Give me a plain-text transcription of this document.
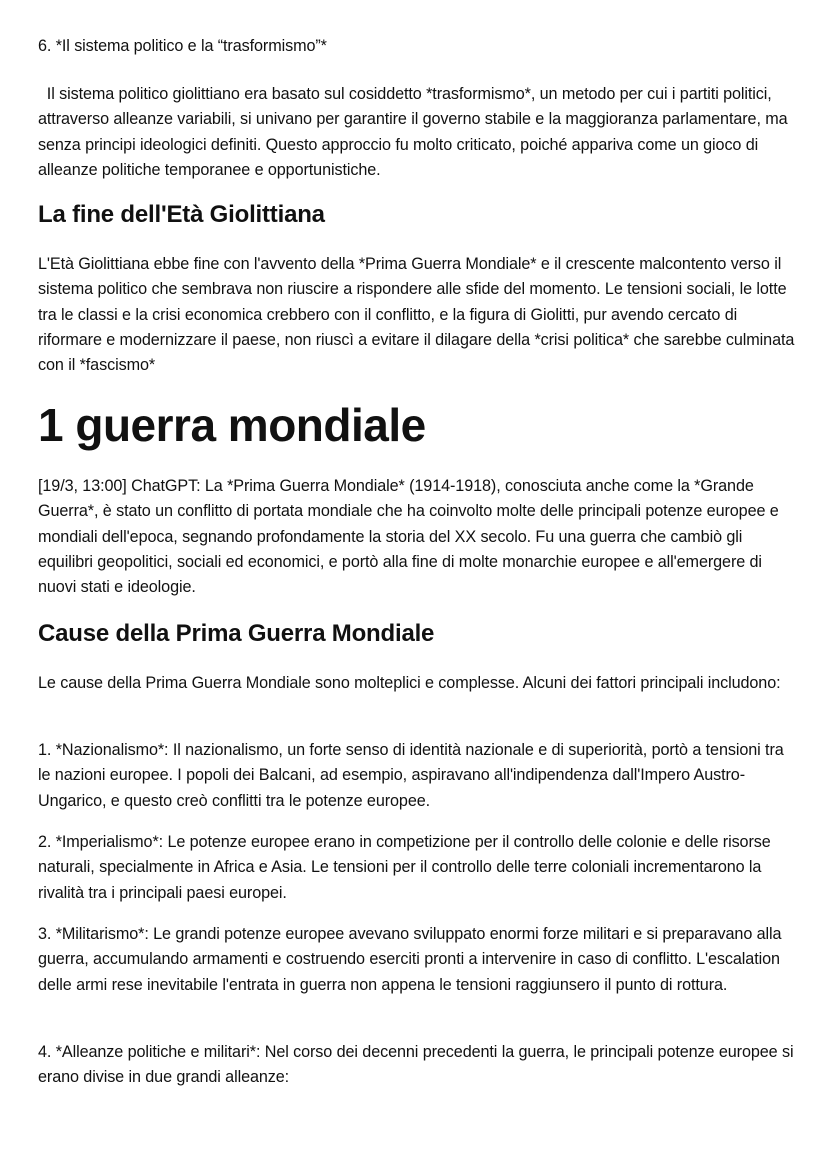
6. *Il sistema politico e la “trasformismo”*

Il sistema politico giolittiano era basato sul cosiddetto *trasformismo*, un metodo per cui i partiti politici, attraverso alleanze variabili, si univano per garantire il governo stabile e la maggioranza parlamentare, ma senza principi ideologici definiti. Questo approccio fu molto criticato, poiché appariva come un gioco di alleanze politiche temporanee e opportunistiche.

La fine dell'Età Giolittiana

L'Età Giolittiana ebbe fine con l'avvento della *Prima Guerra Mondiale* e il crescente malcontento verso il sistema politico che sembrava non riuscire a rispondere alle sfide del momento. Le tensioni sociali, le lotte tra le classi e la crisi economica crebbero con il conflitto, e la figura di Giolitti, pur avendo cercato di riformare e modernizzare il paese, non riuscì a evitare il dilagare della *crisi politica* che sarebbe culminata con il *fascismo*

1 guerra mondiale

[19/3, 13:00] ChatGPT: La *Prima Guerra Mondiale* (1914-1918), conosciuta anche come la *Grande Guerra*, è stato un conflitto di portata mondiale che ha coinvolto molte delle principali potenze europee e mondiali dell'epoca, segnando profondamente la storia del XX secolo. Fu una guerra che cambiò gli equilibri geopolitici, sociali ed economici, e portò alla fine di molte monarchie europee e all'emergere di nuovi stati e ideologie.

Cause della Prima Guerra Mondiale

Le cause della Prima Guerra Mondiale sono molteplici e complesse. Alcuni dei fattori principali includono:

1. *Nazionalismo*: Il nazionalismo, un forte senso di identità nazionale e di superiorità, portò a tensioni tra le nazioni europee. I popoli dei Balcani, ad esempio, aspiravano all'indipendenza dall'Impero Austro-Ungarico, e questo creò conflitti tra le potenze europee.

2. *Imperialismo*: Le potenze europee erano in competizione per il controllo delle colonie e delle risorse naturali, specialmente in Africa e Asia. Le tensioni per il controllo delle terre coloniali incrementarono la rivalità tra i principali paesi europei.

3. *Militarismo*: Le grandi potenze europee avevano sviluppato enormi forze militari e si preparavano alla guerra, accumulando armamenti e costruendo eserciti pronti a intervenire in caso di conflitto. L'escalation delle armi rese inevitabile l'entrata in guerra non appena le tensioni raggiunsero il punto di rottura.

4. *Alleanze politiche e militari*: Nel corso dei decenni precedenti la guerra, le principali potenze europee si erano divise in due grandi alleanze:
